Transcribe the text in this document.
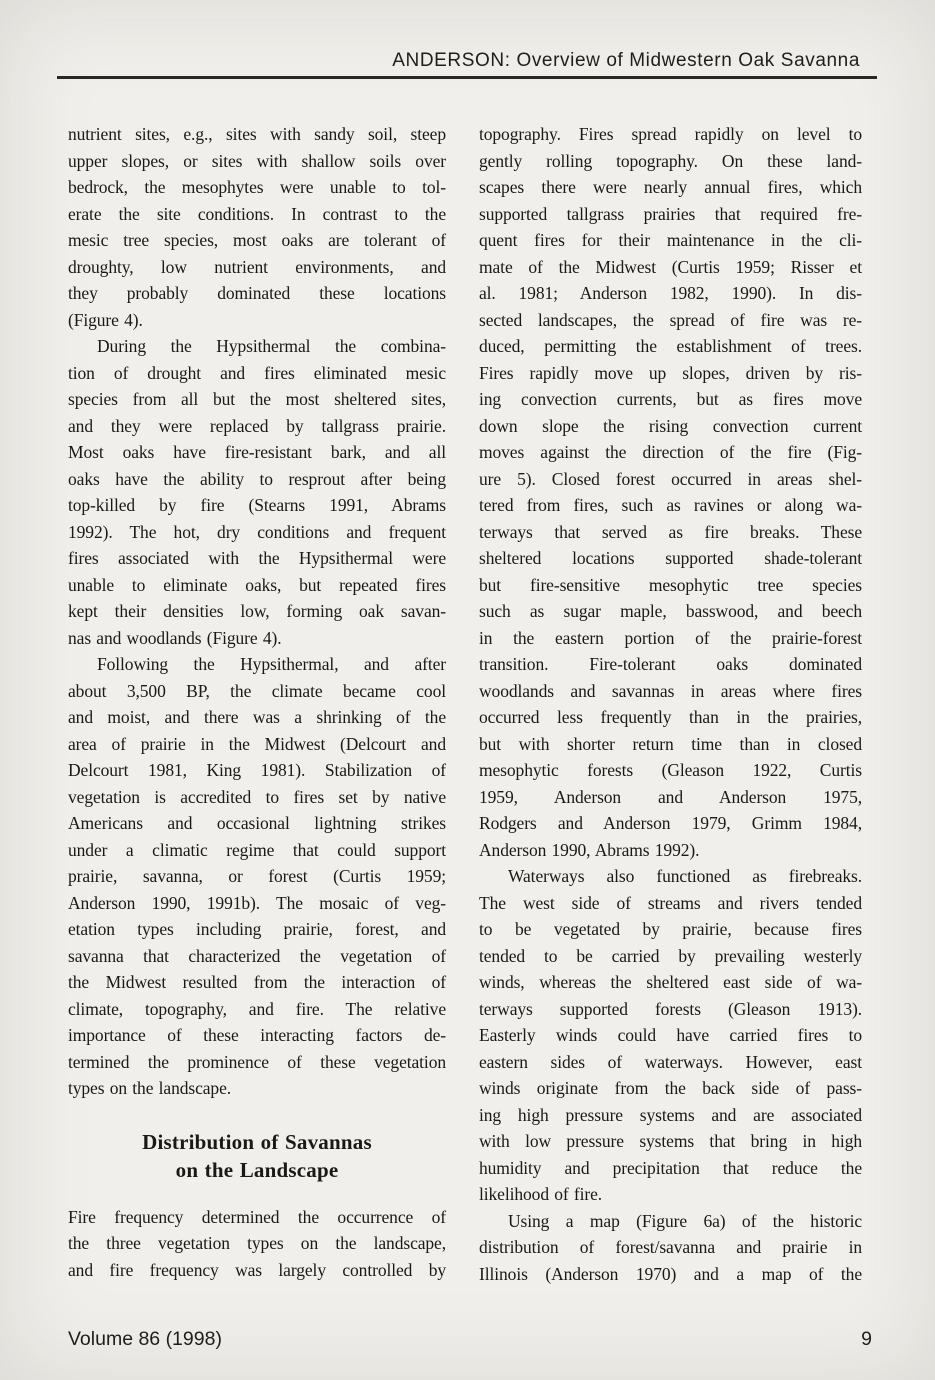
ANDERSON: Overview of Midwestern Oak Savanna
nutrient sites, e.g., sites with sandy soil, steep
upper slopes, or sites with shallow soils over
bedrock, the mesophytes were unable to tol-
erate the site conditions. In contrast to the
mesic tree species, most oaks are tolerant of
droughty, low nutrient environments, and
they probably dominated these locations
(Figure 4).
During the Hypsithermal the combina-
tion of drought and fires eliminated mesic
species from all but the most sheltered sites,
and they were replaced by tallgrass prairie.
Most oaks have fire-resistant bark, and all
oaks have the ability to resprout after being
top-killed by fire (Stearns 1991, Abrams
1992). The hot, dry conditions and frequent
fires associated with the Hypsithermal were
unable to eliminate oaks, but repeated fires
kept their densities low, forming oak savan-
nas and woodlands (Figure 4).
Following the Hypsithermal, and after
about 3,500 BP, the climate became cool
and moist, and there was a shrinking of the
area of prairie in the Midwest (Delcourt and
Delcourt 1981, King 1981). Stabilization of
vegetation is accredited to fires set by native
Americans and occasional lightning strikes
under a climatic regime that could support
prairie, savanna, or forest (Curtis 1959;
Anderson 1990, 1991b). The mosaic of veg-
etation types including prairie, forest, and
savanna that characterized the vegetation of
the Midwest resulted from the interaction of
climate, topography, and fire. The relative
importance of these interacting factors de-
termined the prominence of these vegetation
types on the landscape.
Distribution of Savannas
on the Landscape
Fire frequency determined the occurrence of
the three vegetation types on the landscape,
and fire frequency was largely controlled by
topography. Fires spread rapidly on level to
gently rolling topography. On these land-
scapes there were nearly annual fires, which
supported tallgrass prairies that required fre-
quent fires for their maintenance in the cli-
mate of the Midwest (Curtis 1959; Risser et
al. 1981; Anderson 1982, 1990). In dis-
sected landscapes, the spread of fire was re-
duced, permitting the establishment of trees.
Fires rapidly move up slopes, driven by ris-
ing convection currents, but as fires move
down slope the rising convection current
moves against the direction of the fire (Fig-
ure 5). Closed forest occurred in areas shel-
tered from fires, such as ravines or along wa-
terways that served as fire breaks. These
sheltered locations supported shade-tolerant
but fire-sensitive mesophytic tree species
such as sugar maple, basswood, and beech
in the eastern portion of the prairie-forest
transition. Fire-tolerant oaks dominated
woodlands and savannas in areas where fires
occurred less frequently than in the prairies,
but with shorter return time than in closed
mesophytic forests (Gleason 1922, Curtis
1959, Anderson and Anderson 1975,
Rodgers and Anderson 1979, Grimm 1984,
Anderson 1990, Abrams 1992).
Waterways also functioned as firebreaks.
The west side of streams and rivers tended
to be vegetated by prairie, because fires
tended to be carried by prevailing westerly
winds, whereas the sheltered east side of wa-
terways supported forests (Gleason 1913).
Easterly winds could have carried fires to
eastern sides of waterways. However, east
winds originate from the back side of pass-
ing high pressure systems and are associated
with low pressure systems that bring in high
humidity and precipitation that reduce the
likelihood of fire.
Using a map (Figure 6a) of the historic
distribution of forest/savanna and prairie in
Illinois (Anderson 1970) and a map of the
Volume 86 (1998)	9
